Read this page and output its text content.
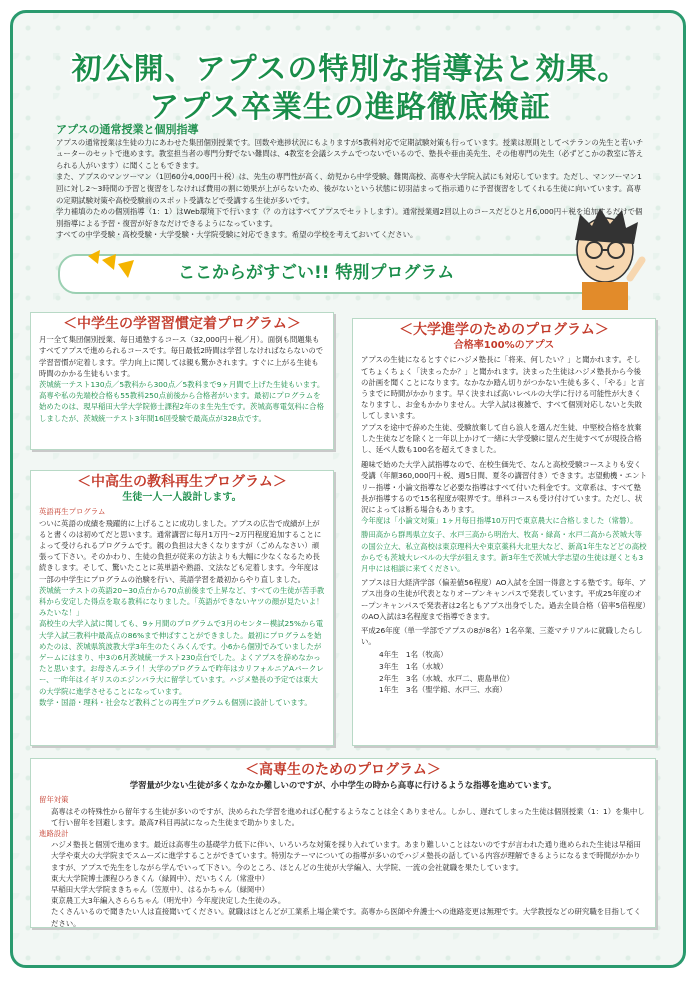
初公開、アプスの特別な指導法と効果。
アプス卒業生の進路徹底検証
アプスの通常授業と個別指導

アプスの通常授業は生徒の力にあわせた集団個別授業です。回数や進捗状況にもよりますが5教科対応で定期試験対策も行っています。授業は原則としてベテランの先生と若いチューターのセットで進めます。教室担当者の専門分野でない難問は、4教室を会議システムでつないでいるので、塾長や亜由美先生、その他専門の先生（必ずどこかの教室に答えられる人がいます）に聞くこともできます。

また、アプスのマンツーマン（1回60分4,000円＋税）は、先生の専門性が高く、幼児から中学受験、難関高校、高専や大学院入試にも対応しています。ただし、マンツーマン1回に対し2〜3時間の予習と復習をしなければ費用の割に効果が上がらないため、後がないという状態に切羽詰まって指示通りに予習復習をしてくれる生徒に向いています。高専の定期試験対策や高校受験前のスポット受講などで受講する生徒が多いです。

学力補填のための個別指導（1：1）はWeb環境下で行います（？の方はすべてアプスでセットします）。通常授業週2回以上のコースだとひと月6,000円＋税を追加するだけで個別指導による予習・復習が好きなだけできるようになっています。

すべての中学受験・高校受験・大学受験・大学院受験に対応できます。希望の学校を考えておいてください。

ここからがすごい!! 特別プログラム
＜中学生の学習習慣定着プログラム＞

月一全て集団個別授業、毎日通塾するコース（32,000円＋税／月）。面倒も問題集もすべてアプスで進められるコースです。毎日最低2時間は学習しなければならないので学習習慣が定着します。学力向上に関しては親も驚かされます。すぐに上がる生徒も時間のかかる生徒もいます。

茨城統一テスト130点／5教科から300点／5教科まで9ヶ月間で上げた生徒もいます。高専や私の先端校合格も55教科250点前後から合格者がいます。最初にプログラムを始めたのは、現早稲田大学大学院修士課程2年のま生先生です。茨城高専電気科に合格しましたが、茨城統一テスト3年間16回受験で最高点が328点です。

＜中高生の教科再生プログラム＞
生徒一人一人設計します。
英語再生プログラム

ついに英語の成績を飛躍的に上げることに成功しました。アプスの広告で成績が上がると書くのは初めてだと思います。通常講習に毎月1万円〜2万円程度追加することによって受けられるプログラムです。親の負担は大きくなりますが（ごめんなさい）頑張って下さい。そのかわり、生徒の負担が従来の方法よりも大幅に少なくなるため長続きします。そして、驚いたことに英単語や熟語、文法なども定着します。今年度は一部の中学生にプログラムの治験を行い、英語学習を最初からやり直しました。

茨城統一テストの英語20−30点台から70点前後まで上昇など、すべての生徒が苦手教科から安定した得点を取る教科になりました。「英語ができないヤツの顔が見たいよ！みたいな！」

高校生の大学入試に関しても、9ヶ月間のプログラムで3月のセンター模試25%から電大学入試三教科中最高点の86%まで伸ばすことができました。最初にプログラムを始めたのは、茨城県筑波教大学3年生のたくみくんです。小6から個別でみていましたがゲームにはまり、中3の6月茨城統一テスト230点台でした。よくアプスを辞めなかったと思います。お母さんエライ！大学のプログラムで昨年はカリフォルニアAバークレー、一昨年はイギリスのエジンバラ大に留学しています。ハジメ塾長の予定では東大の大学院に進学させることになっています。

数学・国語・理科・社会など教科ごとの再生プログラムも個別に設計しています。

＜大学進学のためのプログラム＞
合格率100%のアプス

アプスの生徒になるとすぐにハジメ塾長に「将来、何したい？」と聞かれます。そしてちょくちょく「決まったか？」と聞かれます。決まった生徒はハジメ塾長から今後の計画を聞くことになります。なかなか踏ん切りがつかない生徒も多く、「やる」と言うまでに時間がかかります。早く決まれば高いレベルの大学に行ける可能性が大きくなりますし、お金もかかりません。大学入試は複雑で、すべて個別対応しないと失敗してしまいます。

アプスを途中で辞めた生徒、受験放棄して自ら浪人を選んだ生徒、中堅校合格を放棄した生徒などを除くと一年以上かけて一緒に大学受験に望んだ生徒すべてが現役合格し、延べ人数も100名を超えてきました。

趣味で始めた大学入試指導なので、在校生価先で、なんと高校受験コースよりも安く受講（年額360,000円＋税、週5日間、夏冬の講習付き）できます。志望動機・エントリー指導・小論文指導など必要な指導はすべて付いた料金です。文章系は、すべて塾長が指導するので15名程度が限界です。単科コースも受け付けています。ただし、状況によっては断る場合もあります。

今年度は「小論文対策」1ヶ月毎日指導10万円で東京農大に合格しました（常磐）。

勝田高から群馬県立女子、水戸三高から明治大、牧高・緑高・水戸二高から茨城大等の国公立大、私立高校は東京理科大や東京薬科大北里大など、新高1年生などどの高校からでも茨城大レベルの大学が狙えます。新3年生で茨城大学志望の生徒は遅くとも3月中には相談に来てください。

アプスは日大経済学部（偏差値56程度）AO入試を全国一得意とする塾です。毎年、アプス出身の生徒が代表となりオープンキャンパスで発表しています。平成25年度のオープンキャンパスで発表者は2名ともアプス出身でした。過去全員合格（倍率5倍程度）のAO入試は3名程度まで指導できます。

平成26年度（単一学部でアプスの8が8名）1名卒業、三菱マテリアルに就職したらしい。

4年生　1名（牧高）
3年生　1名（水城）
2年生　3名（水城、水戸二、鹿島単位）
1年生　3名（聖学館、水戸三、水商）
＜高専生のためのプログラム＞
学習量が少ない生徒が多くなかなか難しいのですが、小中学生の時から高専に行けるような指導を進めています。
留年対策

高専はその特殊性から留年する生徒が多いのですが、決められた学習を進めれば心配するようなことは全くありません。しかし、遅れてしまった生徒は個別授業（1：1）を集中して行い留年を回避します。最高7科目再試になった生徒まで助かりました。

進路設計

ハジメ塾長と個別で進めます。最近は高専生の基礎学力低下に伴い、いろいろな対策を採り入れています。あまり難しいことはないのですが言われた通り進められた生徒は早稲田大学や東大の大学院までスムーズに進学することができています。特別なテーマについての指導が多いのでハジメ塾長の話している内容が理解できるようになるまで時間がかかりますが、アプスで先生をしながら学んでいって下さい。今のところ、ほとんどの生徒が大学編入、大学院、一流の会社就職を果たしています。

東大大学院博士課程ひろきくん（緑岡中）、だいちくん（常澄中）

早稲田大学大学院まきちゃん（笠原中）、はるかちゃん（緑岡中）

東京農工大3年編入さららちゃん（明光中）今年度決定した生徒のみ。

たくさんいるので聞きたい人は直接聞いてください。就職はほとんどが工業系上場企業です。高専から医師や弁護士への進路変更は無理です。大学教授などの研究職を目指してください。
